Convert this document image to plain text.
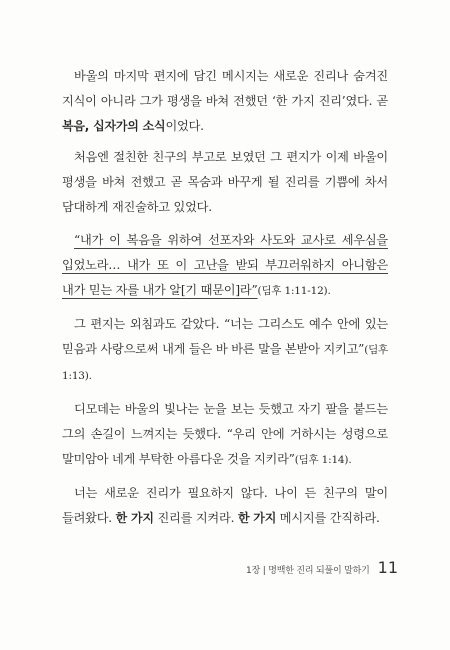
바울의 마지막 편지에 담긴 메시지는 새로운 진리나 숨겨진 지식이 아니라 그가 평생을 바쳐 전했던 ‘한 가지 진리’였다. 곧 복음, 십자가의 소식이었다.

처음엔 절친한 친구의 부고로 보였던 그 편지가 이제 바울이 평생을 바쳐 전했고 곧 목숨과 바꾸게 될 진리를 기쁨에 차서 담대하게 재진술하고 있었다.

“내가 이 복음을 위하여 선포자와 사도와 교사로 세우심을 입었노라… 내가 또 이 고난을 받되 부끄러워하지 아니함은 내가 믿는 자를 내가 알[기 때문이]라”(딤후 1:11-12).

그 편지는 외침과도 같았다. “너는 그리스도 예수 안에 있는 믿음과 사랑으로써 내게 들은 바 바른 말을 본받아 지키고”(딤후 1:13).

디모데는 바울의 빛나는 눈을 보는 듯했고 자기 팔을 붙드는 그의 손길이 느껴지는 듯했다. “우리 안에 거하시는 성령으로 말미암아 네게 부탁한 아름다운 것을 지키라”(딤후 1:14).

너는 새로운 진리가 필요하지 않다. 나이 든 친구의 말이 들려왔다. 한 가지 진리를 지켜라. 한 가지 메시지를 간직하라.

1장 | 명백한 진리 되풀이 말하기 11
